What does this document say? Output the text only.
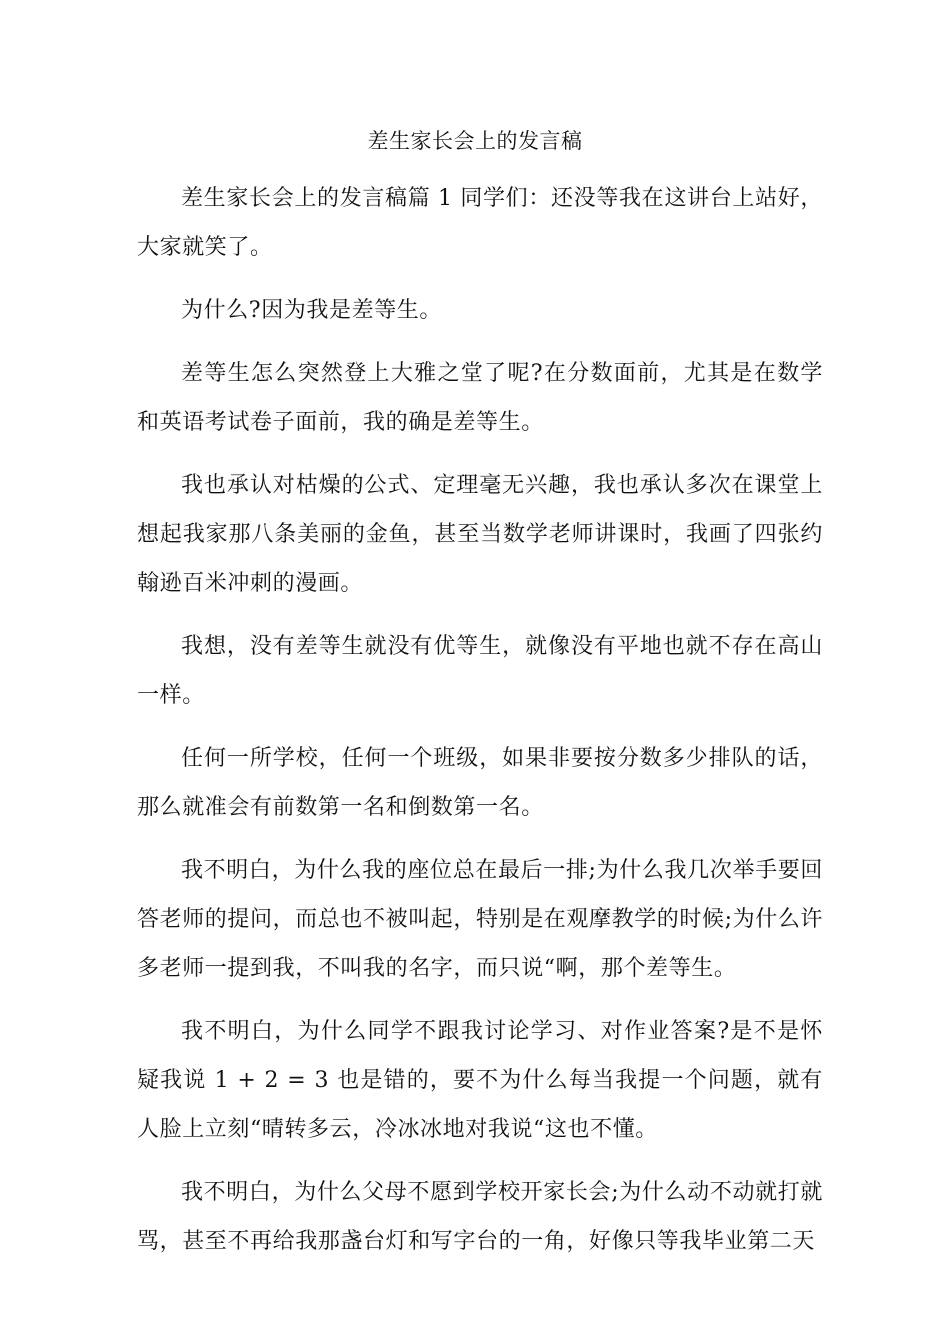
差生家长会上的发言稿

差生家长会上的发言稿篇 1 同学们：还没等我在这讲台上站好，大家就笑了。

为什么?因为我是差等生。

差等生怎么突然登上大雅之堂了呢?在分数面前，尤其是在数学和英语考试卷子面前，我的确是差等生。

我也承认对枯燥的公式、定理毫无兴趣，我也承认多次在课堂上想起我家那八条美丽的金鱼，甚至当数学老师讲课时，我画了四张约翰逊百米冲刺的漫画。

我想，没有差等生就没有优等生，就像没有平地也就不存在高山一样。

任何一所学校，任何一个班级，如果非要按分数多少排队的话，那么就准会有前数第一名和倒数第一名。

我不明白，为什么我的座位总在最后一排;为什么我几次举手要回答老师的提问，而总也不被叫起，特别是在观摩教学的时候;为什么许多老师一提到我，不叫我的名字，而只说“啊，那个差等生。

我不明白，为什么同学不跟我讨论学习、对作业答案?是不是怀疑我说 1 + 2 = 3 也是错的，要不为什么每当我提一个问题，就有人脸上立刻“晴转多云，冷冰冰地对我说“这也不懂。

我不明白，为什么父母不愿到学校开家长会;为什么动不动就打就骂，甚至不再给我那盏台灯和写字台的一角，好像只等我毕业第二天
